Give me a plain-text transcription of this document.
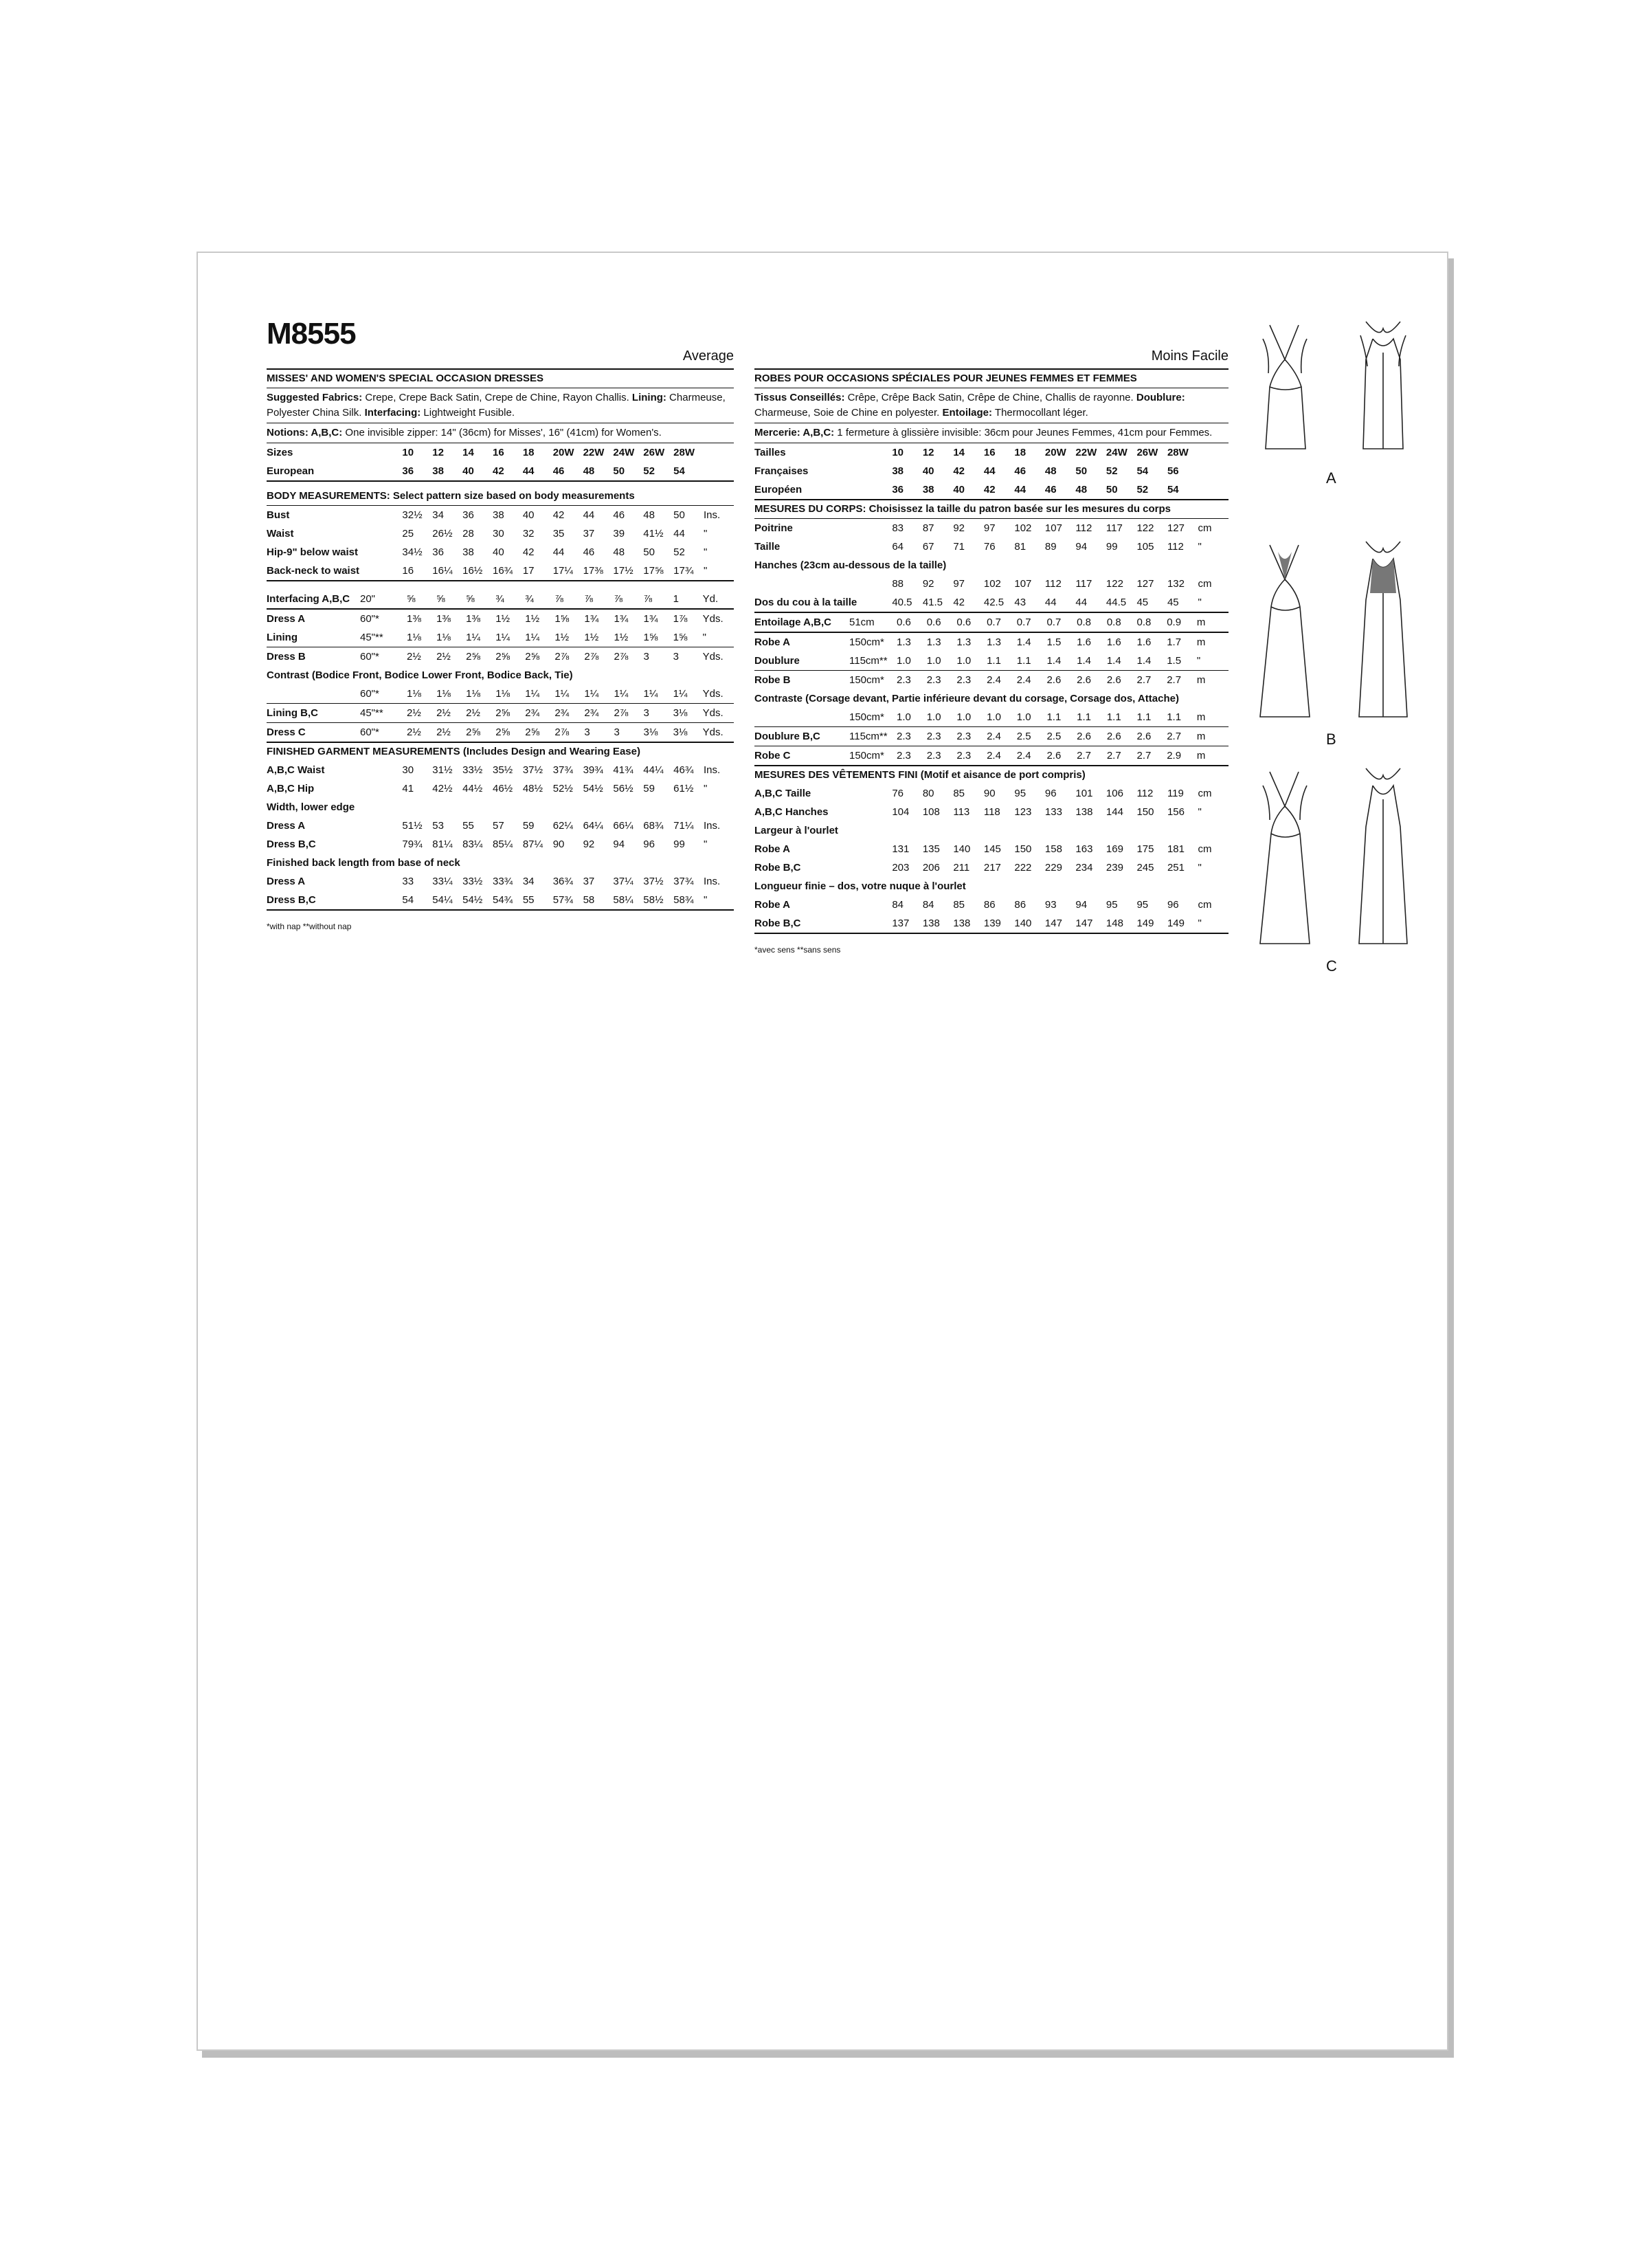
M8555
Average
MISSES' AND WOMEN'S SPECIAL OCCASION DRESSES
Suggested Fabrics: Crepe, Crepe Back Satin, Crepe de Chine, Rayon Challis. Lining: Charmeuse, Polyester China Silk. Interfacing: Lightweight Fusible.
Notions: A,B,C: One invisible zipper: 14" (36cm) for Misses', 16" (41cm) for Women's.
Sizes	10	12	14	16	18	20W	22W	24W	26W	28W	
European	36	38	40	42	44	46	48	50	52	54	
BODY MEASUREMENTS: Select pattern size based on body measurements
Bust	32½	34	36	38	40	42	44	46	48	50	Ins.
Waist	25	26½	28	30	32	35	37	39	41½	44	"
Hip-9" below waist	34½	36	38	40	42	44	46	48	50	52	"
Back-neck to waist	16	16¼	16½	16¾	17	17¼	17⅜	17½	17⅝	17¾	"
Interfacing A,B,C	20"	⅝	⅝	⅝	¾	¾	⅞	⅞	⅞	⅞	1	Yd.
Dress A	60"*	1⅜	1⅜	1⅜	1½	1½	1⅝	1¾	1¾	1¾	1⅞	Yds.
Lining	45"**	1⅛	1⅛	1¼	1¼	1¼	1½	1½	1½	1⅝	1⅝	"
Dress B	60"*	2½	2½	2⅝	2⅝	2⅝	2⅞	2⅞	2⅞	3	3	Yds.
Contrast (Bodice Front, Bodice Lower Front, Bodice Back, Tie)												
	60"*	1⅛	1⅛	1⅛	1⅛	1¼	1¼	1¼	1¼	1¼	1¼	Yds.
Lining B,C	45"**	2½	2½	2½	2⅝	2¾	2¾	2¾	2⅞	3	3⅛	Yds.
Dress C	60"*	2½	2½	2⅝	2⅝	2⅝	2⅞	3	3	3⅛	3⅛	Yds.
FINISHED GARMENT MEASUREMENTS (Includes Design and Wearing Ease)
A,B,C Waist	30	31½	33½	35½	37½	37¾	39¾	41¾	44¼	46¾	Ins.
A,B,C Hip	41	42½	44½	46½	48½	52½	54½	56½	59	61½	"
Width, lower edge											
Dress A	51½	53	55	57	59	62¼	64¼	66¼	68¾	71¼	Ins.
Dress B,C	79¾	81¼	83¼	85¼	87¼	90	92	94	96	99	"
Finished back length from base of neck											
Dress A	33	33¼	33½	33¾	34	36¾	37	37¼	37½	37¾	Ins.
Dress B,C	54	54¼	54½	54¾	55	57¾	58	58¼	58½	58¾	"
*with nap **without nap
Moins Facile
ROBES POUR OCCASIONS SPÉCIALES POUR JEUNES FEMMES ET FEMMES
Tissus Conseillés: Crêpe, Crêpe Back Satin, Crêpe de Chine, Challis de rayonne. Doublure: Charmeuse, Soie de Chine en polyester. Entoilage: Thermocollant léger.
Mercerie: A,B,C: 1 fermeture à glissière invisible: 36cm pour Jeunes Femmes, 41cm pour Femmes.
Tailles	10	12	14	16	18	20W	22W	24W	26W	28W	
Françaises	38	40	42	44	46	48	50	52	54	56	
Européen	36	38	40	42	44	46	48	50	52	54	
MESURES DU CORPS: Choisissez la taille du patron basée sur les mesures du corps
Poitrine	83	87	92	97	102	107	112	117	122	127	cm
Taille	64	67	71	76	81	89	94	99	105	112	"
Hanches (23cm au-dessous de la taille)											
	88	92	97	102	107	112	117	122	127	132	cm
Dos du cou à la taille	40.5	41.5	42	42.5	43	44	44	44.5	45	45	"
Entoilage A,B,C	51cm	0.6	0.6	0.6	0.7	0.7	0.7	0.8	0.8	0.8	0.9	m
Robe A	150cm*	1.3	1.3	1.3	1.3	1.4	1.5	1.6	1.6	1.6	1.7	m
Doublure	115cm**	1.0	1.0	1.0	1.1	1.1	1.4	1.4	1.4	1.4	1.5	"
Robe B	150cm*	2.3	2.3	2.3	2.4	2.4	2.6	2.6	2.6	2.7	2.7	m
Contraste (Corsage devant, Partie inférieure devant du corsage, Corsage dos, Attache)												
	150cm*	1.0	1.0	1.0	1.0	1.0	1.1	1.1	1.1	1.1	1.1	m
Doublure B,C	115cm**	2.3	2.3	2.3	2.4	2.5	2.5	2.6	2.6	2.6	2.7	m
Robe C	150cm*	2.3	2.3	2.3	2.4	2.4	2.6	2.7	2.7	2.7	2.9	m
MESURES DES VÊTEMENTS FINI (Motif et aisance de port compris)
A,B,C Taille	76	80	85	90	95	96	101	106	112	119	cm
A,B,C Hanches	104	108	113	118	123	133	138	144	150	156	"
Largeur à l'ourlet											
Robe A	131	135	140	145	150	158	163	169	175	181	cm
Robe B,C	203	206	211	217	222	229	234	239	245	251	"
Longueur finie – dos, votre nuque à l'ourlet											
Robe A	84	84	85	86	86	93	94	95	95	96	cm
Robe B,C	137	138	138	139	140	147	147	148	149	149	"
*avec sens **sans sens
A
B
C
